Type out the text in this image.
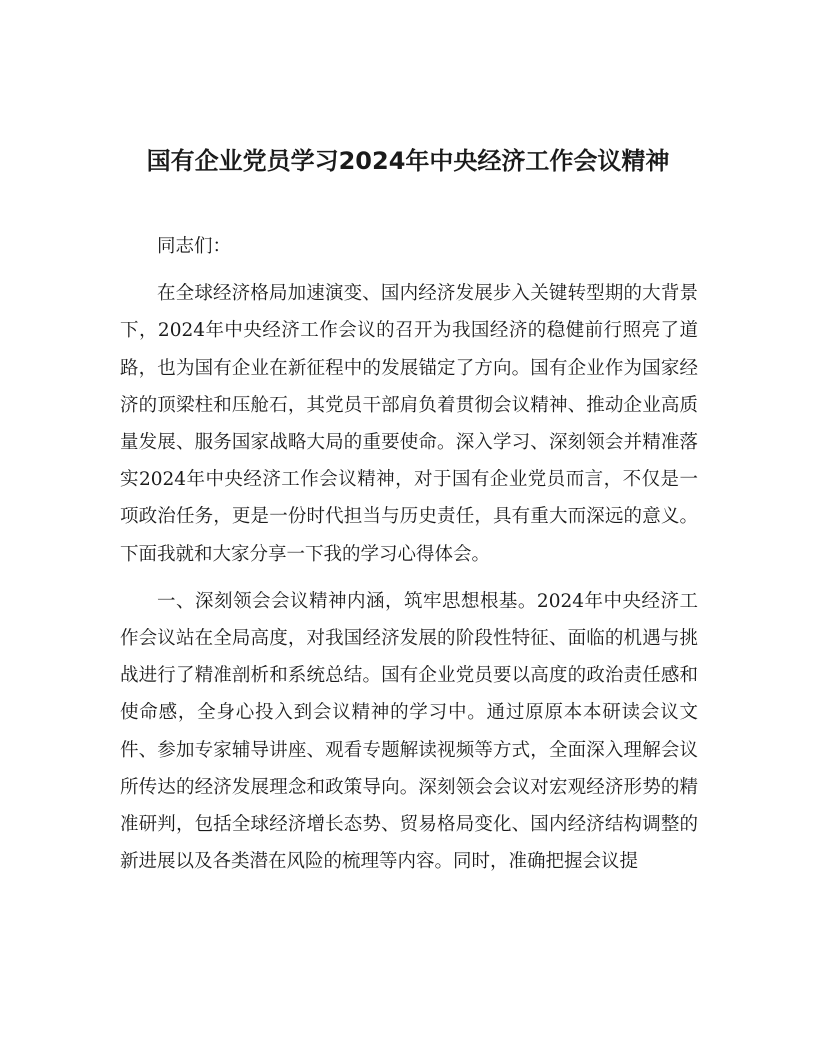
国有企业党员学习2024年中央经济工作会议精神

同志们：

在全球经济格局加速演变、国内经济发展步入关键转型期的大背景下，2024年中央经济工作会议的召开为我国经济的稳健前行照亮了道路，也为国有企业在新征程中的发展锚定了方向。国有企业作为国家经济的顶梁柱和压舱石，其党员干部肩负着贯彻会议精神、推动企业高质量发展、服务国家战略大局的重要使命。深入学习、深刻领会并精准落实2024年中央经济工作会议精神，对于国有企业党员而言，不仅是一项政治任务，更是一份时代担当与历史责任，具有重大而深远的意义。下面我就和大家分享一下我的学习心得体会。

一、深刻领会会议精神内涵，筑牢思想根基。2024年中央经济工作会议站在全局高度，对我国经济发展的阶段性特征、面临的机遇与挑战进行了精准剖析和系统总结。国有企业党员要以高度的政治责任感和使命感，全身心投入到会议精神的学习中。通过原原本本研读会议文件、参加专家辅导讲座、观看专题解读视频等方式，全面深入理解会议所传达的经济发展理念和政策导向。深刻领会会议对宏观经济形势的精准研判，包括全球经济增长态势、贸易格局变化、国内经济结构调整的新进展以及各类潜在风险的梳理等内容。同时，准确把握会议提
